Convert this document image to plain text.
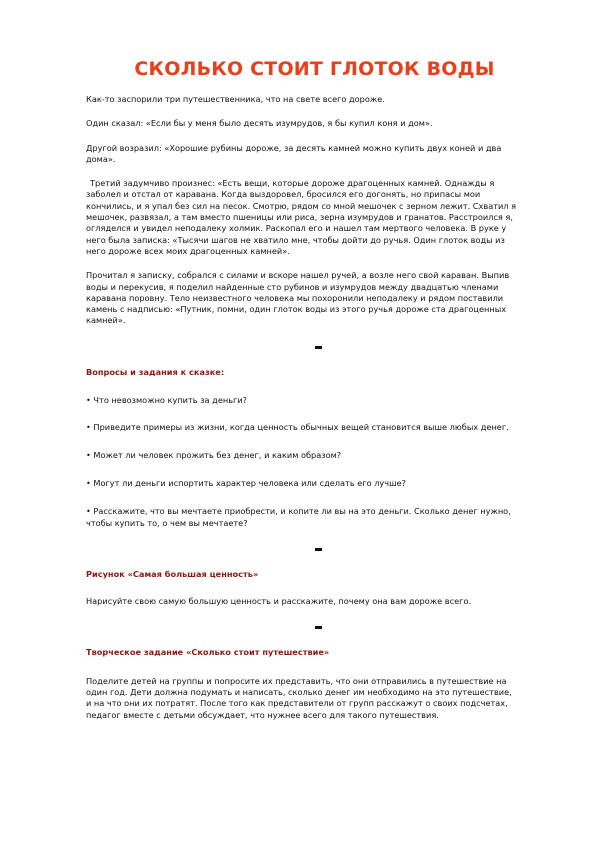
СКОЛЬКО СТОИТ ГЛОТОК ВОДЫ

Как-то заспорили три путешественника, что на свете всего дороже.

Один сказал: «Если бы у меня было десять изумрудов, я бы купил коня и дом».

Другой возразил: «Хорошие рубины дороже, за десять камней можно купить двух коней и два дома».

Третий задумчиво произнес: «Есть вещи, которые дороже драгоценных камней. Однажды я заболел и отстал от каравана. Когда выздоровел, бросился его догонять, но припасы мои кончились, и я упал без сил на песок. Смотрю, рядом со мной мешочек с зерном лежит. Схватил я мешочек, развязал, а там вместо пшеницы или риса, зерна изумрудов и гранатов. Расстроился я, огляделся и увидел неподалеку холмик. Раскопал его и нашел там мертвого человека. В руке у него была записка: «Тысячи шагов не хватило мне, чтобы дойти до ручья. Один глоток воды из него дороже всех моих драгоценных камней».

Прочитал я записку, собрался с силами и вскоре нашел ручей, а возле него свой караван. Выпив воды и перекусив, я поделил найденные сто рубинов и изумрудов между двадцатью членами каравана поровну. Тело неизвестного человека мы похоронили неподалеку и рядом поставили камень с надписью: «Путник, помни, один глоток воды из этого ручья дороже ста драгоценных камней».

Вопросы и задания к сказке:

• Что невозможно купить за деньги?

• Приведите примеры из жизни, когда ценность обычных вещей становится выше любых денег.

• Может ли человек прожить без денег, и каким образом?

• Могут ли деньги испортить характер человека или сделать его лучше?

• Расскажите, что вы мечтаете приобрести, и копите ли вы на это деньги. Сколько денег нужно, чтобы купить то, о чем вы мечтаете?

Рисунок «Самая большая ценность»

Нарисуйте свою самую большую ценность и расскажите, почему она вам дороже всего.

Творческое задание «Сколько стоит путешествие»

Поделите детей на группы и попросите их представить, что они отправились в путешествие на один год. Дети должна подумать и написать, сколько денег им необходимо на это путешествие, и на что они их потратят. После того как представители от групп расскажут о своих подсчетах, педагог вместе с детьми обсуждает, что нужнее всего для такого путешествия.
